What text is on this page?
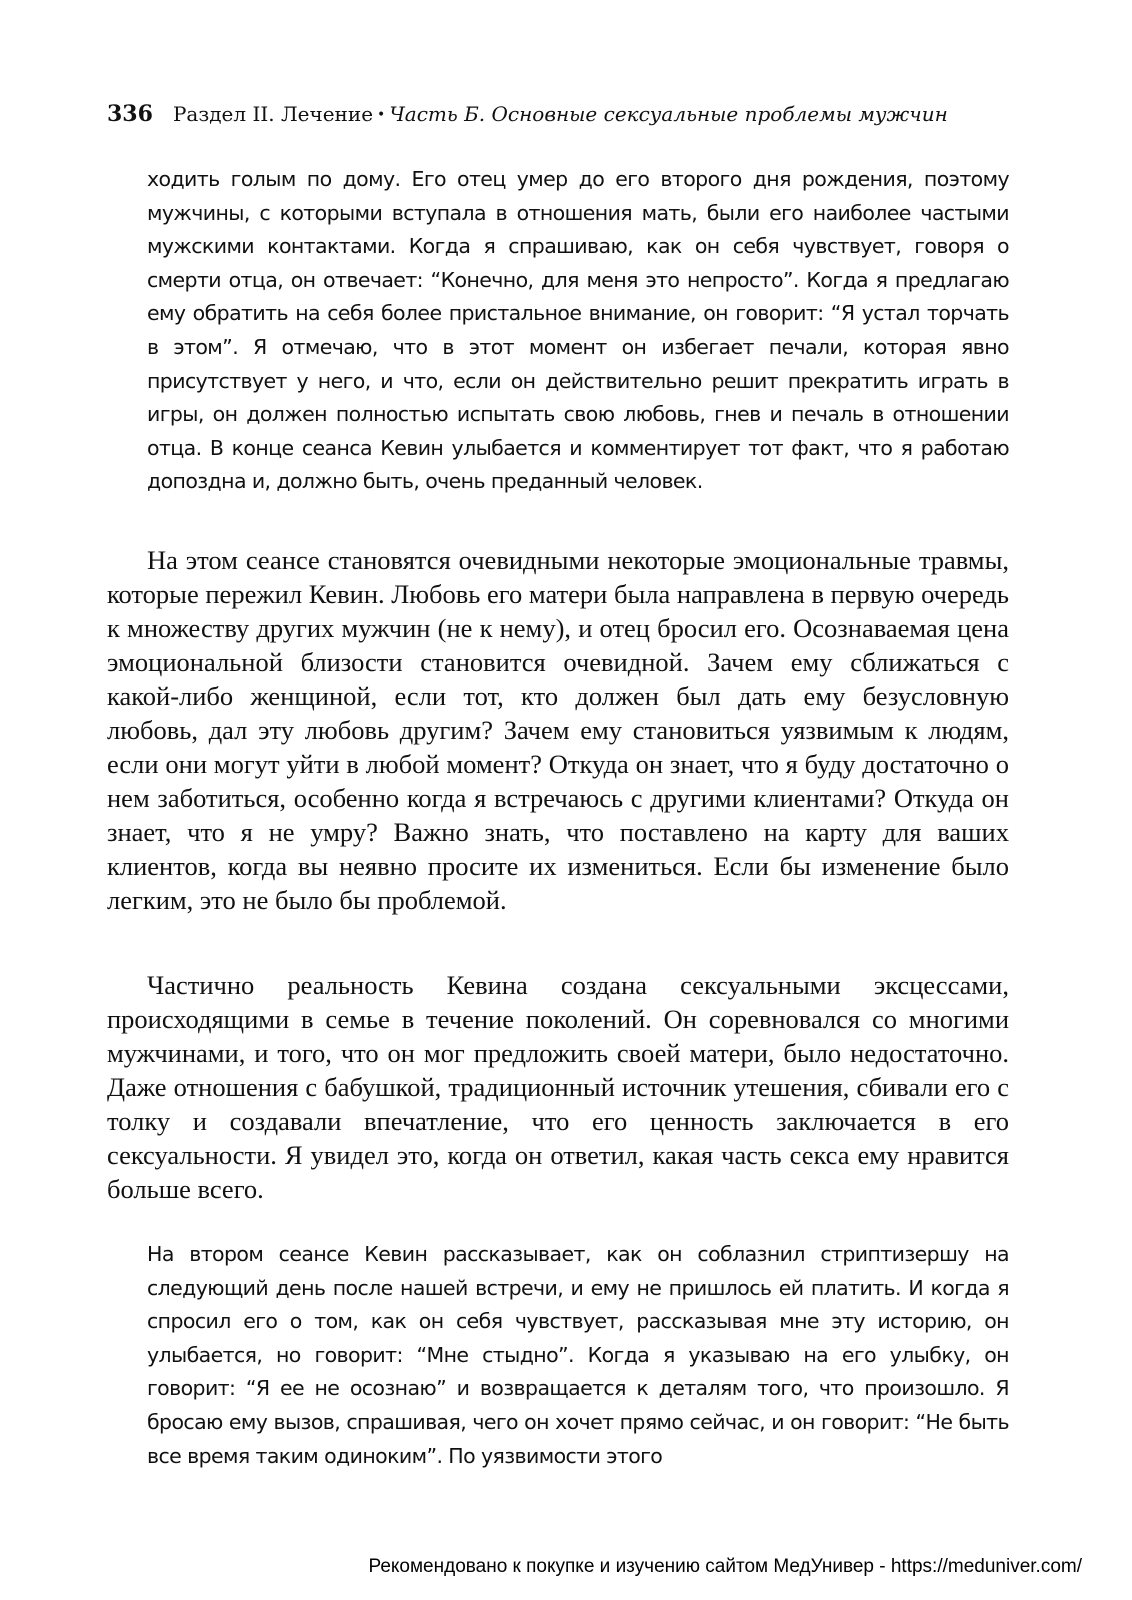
336 Раздел II. Лечение • Часть Б. Основные сексуальные проблемы мужчин

ходить голым по дому. Его отец умер до его второго дня рождения, поэтому мужчины, с которыми вступала в отношения мать, были его наиболее частыми мужскими контактами. Когда я спрашиваю, как он себя чувствует, говоря о смерти отца, он отвечает: “Конечно, для меня это непросто”. Когда я предлагаю ему обратить на себя более пристальное внимание, он говорит: “Я устал торчать в этом”. Я отмечаю, что в этот момент он избегает печали, которая явно присутствует у него, и что, если он действительно решит прекратить играть в игры, он должен полностью испытать свою любовь, гнев и печаль в отношении отца. В конце сеанса Кевин улыбается и комментирует тот факт, что я работаю допоздна и, должно быть, очень преданный человек.

На этом сеансе становятся очевидными некоторые эмоциональные травмы, которые пережил Кевин. Любовь его матери была направлена в первую очередь к множеству других мужчин (не к нему), и отец бросил его. Осознаваемая цена эмоциональной близости становится очевидной. Зачем ему сближаться с какой-либо женщиной, если тот, кто должен был дать ему безусловную любовь, дал эту любовь другим? Зачем ему становиться уязвимым к людям, если они могут уйти в любой момент? Откуда он знает, что я буду достаточно о нем заботиться, особенно когда я встречаюсь с другими клиентами? Откуда он знает, что я не умру? Важно знать, что поставлено на карту для ваших клиентов, когда вы неявно просите их измениться. Если бы изменение было легким, это не было бы проблемой.

Частично реальность Кевина создана сексуальными эксцессами, происходящими в семье в течение поколений. Он соревновался со многими мужчинами, и того, что он мог предложить своей матери, было недостаточно. Даже отношения с бабушкой, традиционный источник утешения, сбивали его с толку и создавали впечатление, что его ценность заключается в его сексуальности. Я увидел это, когда он ответил, какая часть секса ему нравится больше всего.

На втором сеансе Кевин рассказывает, как он соблазнил стриптизершу на следующий день после нашей встречи, и ему не пришлось ей платить. И когда я спросил его о том, как он себя чувствует, рассказывая мне эту историю, он улыбается, но говорит: “Мне стыдно”. Когда я указываю на его улыбку, он говорит: “Я ее не осознаю” и возвращается к деталям того, что произошло. Я бросаю ему вызов, спрашивая, чего он хочет прямо сейчас, и он говорит: “Не быть все время таким одиноким”. По уязвимости этого

Рекомендовано к покупке и изучению сайтом МедУнивер - https://meduniver.com/
